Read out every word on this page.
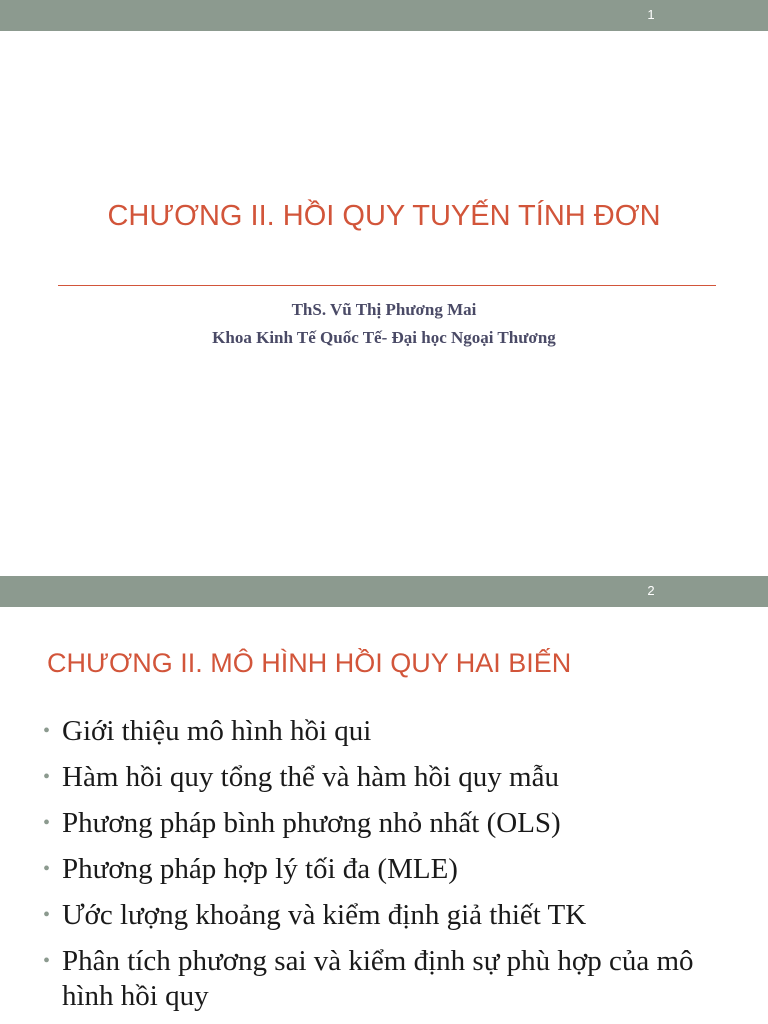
1
CHƯƠNG II. HỒI QUY TUYẾN TÍNH ĐƠN
ThS. Vũ Thị Phương Mai
Khoa Kinh Tế Quốc Tế- Đại học Ngoại Thương
2
CHƯƠNG II. MÔ HÌNH HỒI QUY HAI BIẾN
• Giới thiệu mô hình hồi qui
• Hàm hồi quy tổng thể và hàm hồi quy mẫu
• Phương pháp bình phương nhỏ nhất (OLS)
• Phương pháp hợp lý tối đa (MLE)
• Ước lượng khoảng và kiểm định giả thiết TK
• Phân tích phương sai và kiểm định sự phù hợp của mô hình hồi quy
